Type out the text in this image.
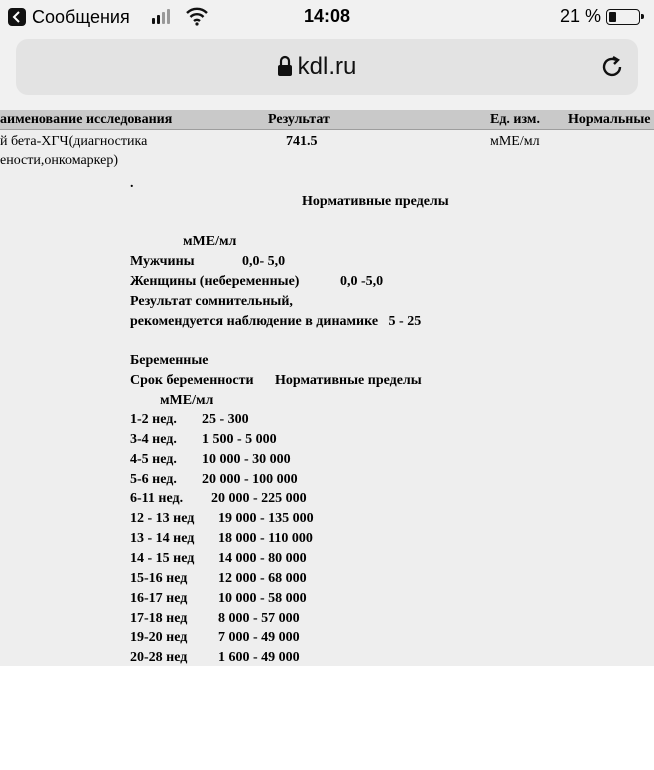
Сообщения	14:08	21 %
kdl.ru
аименование исследования	Результат	Ед. изм. Нормальные
й бета-ХГЧ(диагностика
ености,онкомаркер)
741.5	мМЕ/мл
.
Нормативные пределы
мМЕ/мл
Мужчины	0,0- 5,0
Женщины (небеременные)	0,0 -5,0
Результат сомнительный,
рекомендуется наблюдение в динамике   5 - 25
Беременные
Срок беременности Нормативные пределы
мМЕ/мл
1-2 нед. 25 - 300
3-4 нед. 1 500 - 5 000
4-5 нед. 10 000 - 30 000
5-6 нед. 20 000 - 100 000
6-11 нед. 20 000 - 225 000
12 - 13 нед 19 000 - 135 000
13 - 14 нед 18 000 - 110 000
14 - 15 нед 14 000 - 80 000
15-16 нед 12 000 - 68 000
16-17 нед 10 000 - 58 000
17-18 нед 8 000 - 57 000
19-20 нед 7 000 - 49 000
20-28 нед 1 600 - 49 000
